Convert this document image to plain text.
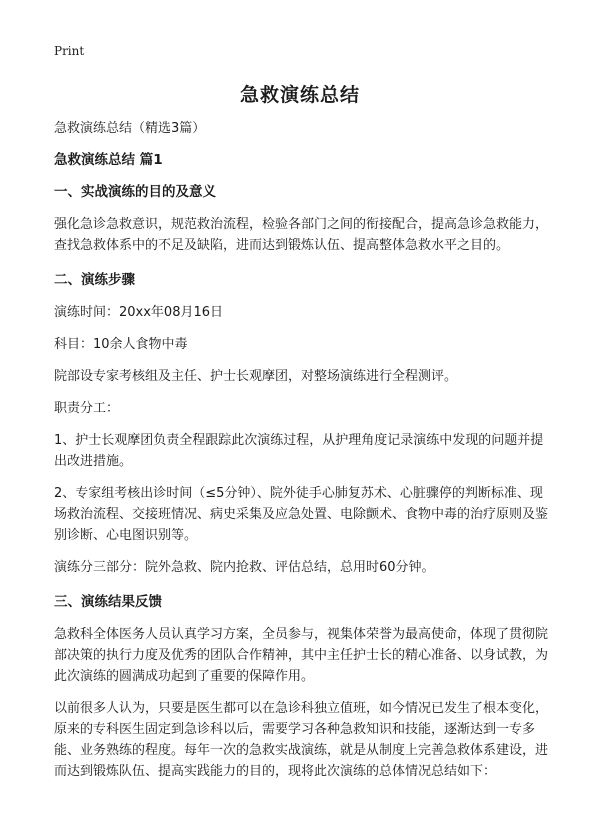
Print
急救演练总结

急救演练总结（精选3篇）

急救演练总结 篇1

一、实战演练的目的及意义

强化急诊急救意识，规范救治流程，检验各部门之间的衔接配合，提高急诊急救能力，查找急救体系中的不足及缺陷，进而达到锻炼认伍、提高整体急救水平之目的。

二、演练步骤

演练时间：20xx年08月16日

科目：10余人食物中毒

院部设专家考核组及主任、护士长观摩团，对整场演练进行全程测评。

职责分工：

1、护士长观摩团负责全程跟踪此次演练过程，从护理角度记录演练中发现的问题并提出改进措施。

2、专家组考核出诊时间（≤5分钟）、院外徒手心肺复苏术、心脏骤停的判断标准、现场救治流程、交接班情况、病史采集及应急处置、电除颤术、食物中毒的治疗原则及鉴别诊断、心电图识别等。

演练分三部分：院外急救、院内抢救、评估总结，总用时60分钟。

三、演练结果反馈

急救科全体医务人员认真学习方案，全员参与，视集体荣誉为最高使命，体现了贯彻院部决策的执行力度及优秀的团队合作精神，其中主任护士长的精心准备、以身试教，为此次演练的圆满成功起到了重要的保障作用。

以前很多人认为，只要是医生都可以在急诊科独立值班，如今情况已发生了根本变化，原来的专科医生固定到急诊科以后，需要学习各种急救知识和技能，逐渐达到一专多能、业务熟练的程度。每年一次的急救实战演练，就是从制度上完善急救体系建设，进而达到锻炼队伍、提高实践能力的目的，现将此次演练的总体情况总结如下：
